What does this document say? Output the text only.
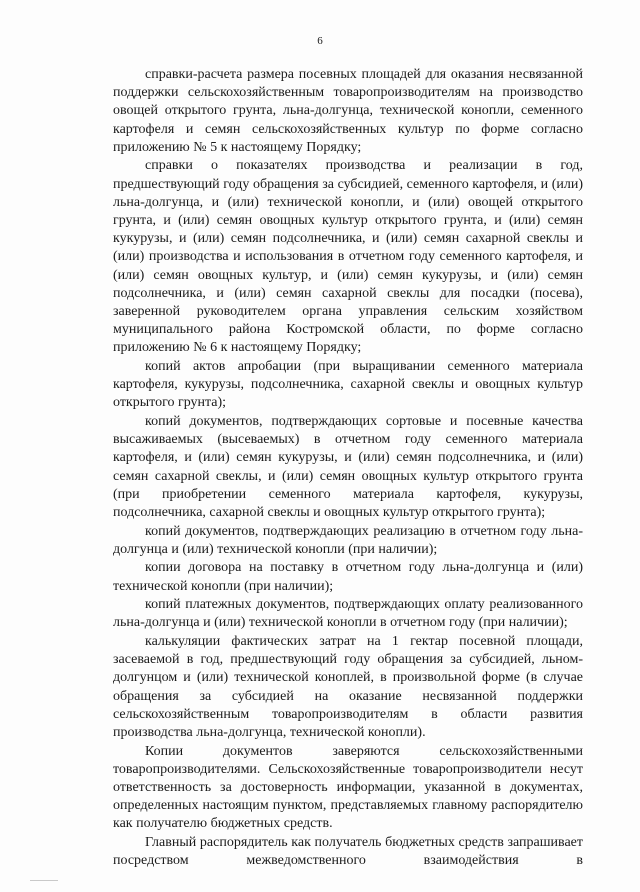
6

справки-расчета размера посевных площадей для оказания несвязанной поддержки сельскохозяйственным товаропроизводителям на производство овощей открытого грунта, льна-долгунца, технической конопли, семенного картофеля и семян сельскохозяйственных культур по форме согласно приложению № 5 к настоящему Порядку;

справки о показателях производства и реализации в год, предшествующий году обращения за субсидией, семенного картофеля, и (или) льна-долгунца, и (или) технической конопли, и (или) овощей открытого грунта, и (или) семян овощных культур открытого грунта, и (или) семян кукурузы, и (или) семян подсолнечника, и (или) семян сахарной свеклы и (или) производства и использования в отчетном году семенного картофеля, и (или) семян овощных культур, и (или) семян кукурузы, и (или) семян подсолнечника, и (или) семян сахарной свеклы для посадки (посева), заверенной руководителем органа управления сельским хозяйством муниципального района Костромской области, по форме согласно приложению № 6 к настоящему Порядку;

копий актов апробации (при выращивании семенного материала картофеля, кукурузы, подсолнечника, сахарной свеклы и овощных культур открытого грунта);

копий документов, подтверждающих сортовые и посевные качества высаживаемых (высеваемых) в отчетном году семенного материала картофеля, и (или) семян кукурузы, и (или) семян подсолнечника, и (или) семян сахарной свеклы, и (или) семян овощных культур открытого грунта (при приобретении семенного материала картофеля, кукурузы, подсолнечника, сахарной свеклы и овощных культур открытого грунта);

копий документов, подтверждающих реализацию в отчетном году льна-долгунца и (или) технической конопли (при наличии);

копии договора на поставку в отчетном году льна-долгунца и (или) технической конопли (при наличии);

копий платежных документов, подтверждающих оплату реализованного льна-долгунца и (или) технической конопли в отчетном году (при наличии);

калькуляции фактических затрат на 1 гектар посевной площади, засеваемой в год, предшествующий году обращения за субсидией, льном-долгунцом и (или) технической коноплей, в произвольной форме (в случае обращения за субсидией на оказание несвязанной поддержки сельскохозяйственным товаропроизводителям в области развития производства льна-долгунца, технической конопли).

Копии документов заверяются сельскохозяйственными товаропроизводителями. Сельскохозяйственные товаропроизводители несут ответственность за достоверность информации, указанной в документах, определенных настоящим пунктом, представляемых главному распорядителю как получателю бюджетных средств.

Главный распорядитель как получатель бюджетных средств запрашивает посредством межведомственного взаимодействия в
